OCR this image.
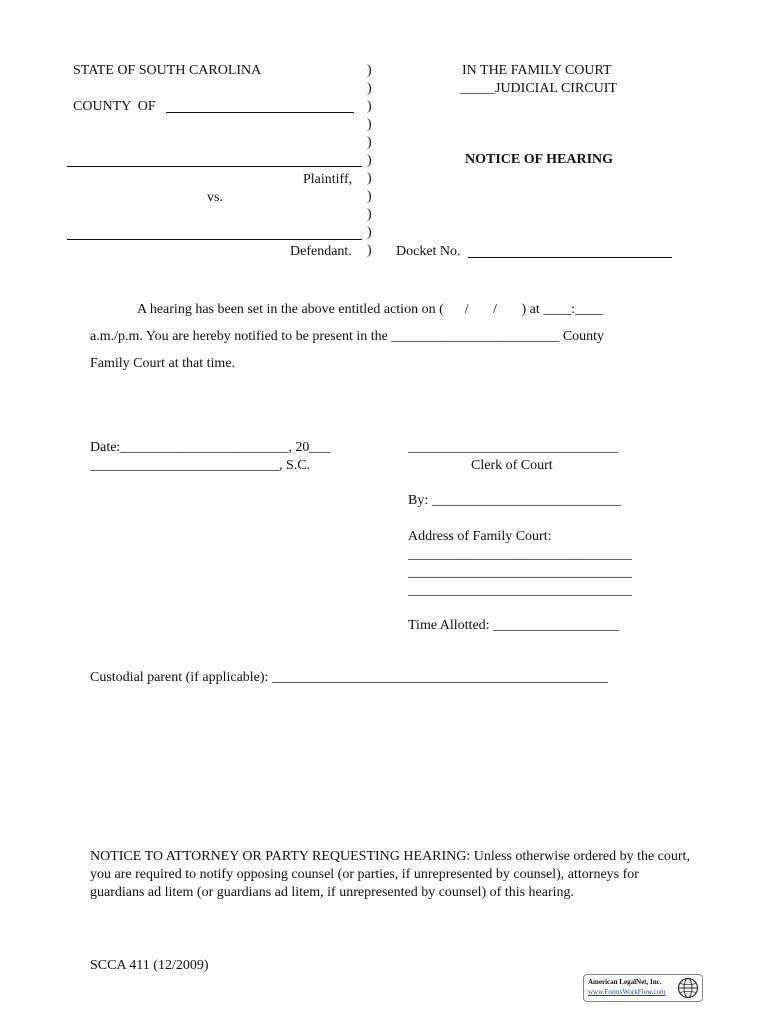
STATE OF SOUTH CAROLINA
COUNTY  OF
Plaintiff,
vs.
Defendant.
)
)
)
)
)
)
)
)
)
)
)
IN THE FAMILY COURT
_____JUDICIAL CIRCUIT
NOTICE OF HEARING
Docket No.
A hearing has been set in the above entitled action on (      /       /       ) at ____:____
a.m./p.m. You are hereby notified to be present in the ________________________ County
Family Court at that time.
Date:________________________, 20___
___________________________, S.C.
______________________________
Clerk of Court
By: ___________________________
Address of Family Court:
________________________________
________________________________
________________________________
Time Allotted: __________________
Custodial parent (if applicable): ________________________________________________
NOTICE TO ATTORNEY OR PARTY REQUESTING HEARING: Unless otherwise ordered by the court, you are required to notify opposing counsel (or parties, if unrepresented by counsel), attorneys for guardians ad litem (or guardians ad litem, if unrepresented by counsel) of this hearing.
SCCA 411 (12/2009)
American LegalNet, Inc.
www.FormsWorkFlow.com
